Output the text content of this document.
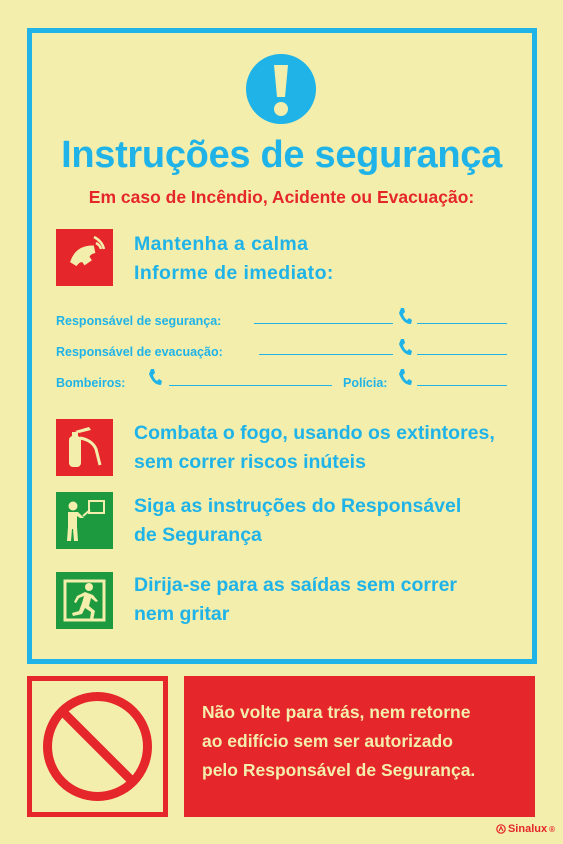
Instruções de segurança
Em caso de Incêndio, Acidente ou Evacuação:
Mantenha a calma
Informe de imediato:
Responsável de segurança:
Responsável de evacuação:
Bombeiros:	Polícia:
Combata o fogo, usando os extintores,
sem correr riscos inúteis
Siga as instruções do Responsável
de Segurança
Dirija-se para as saídas sem correr
nem gritar
Não volte para trás, nem retorne
ao edifício sem ser autorizado
pelo Responsável de Segurança.
Sinalux ®
